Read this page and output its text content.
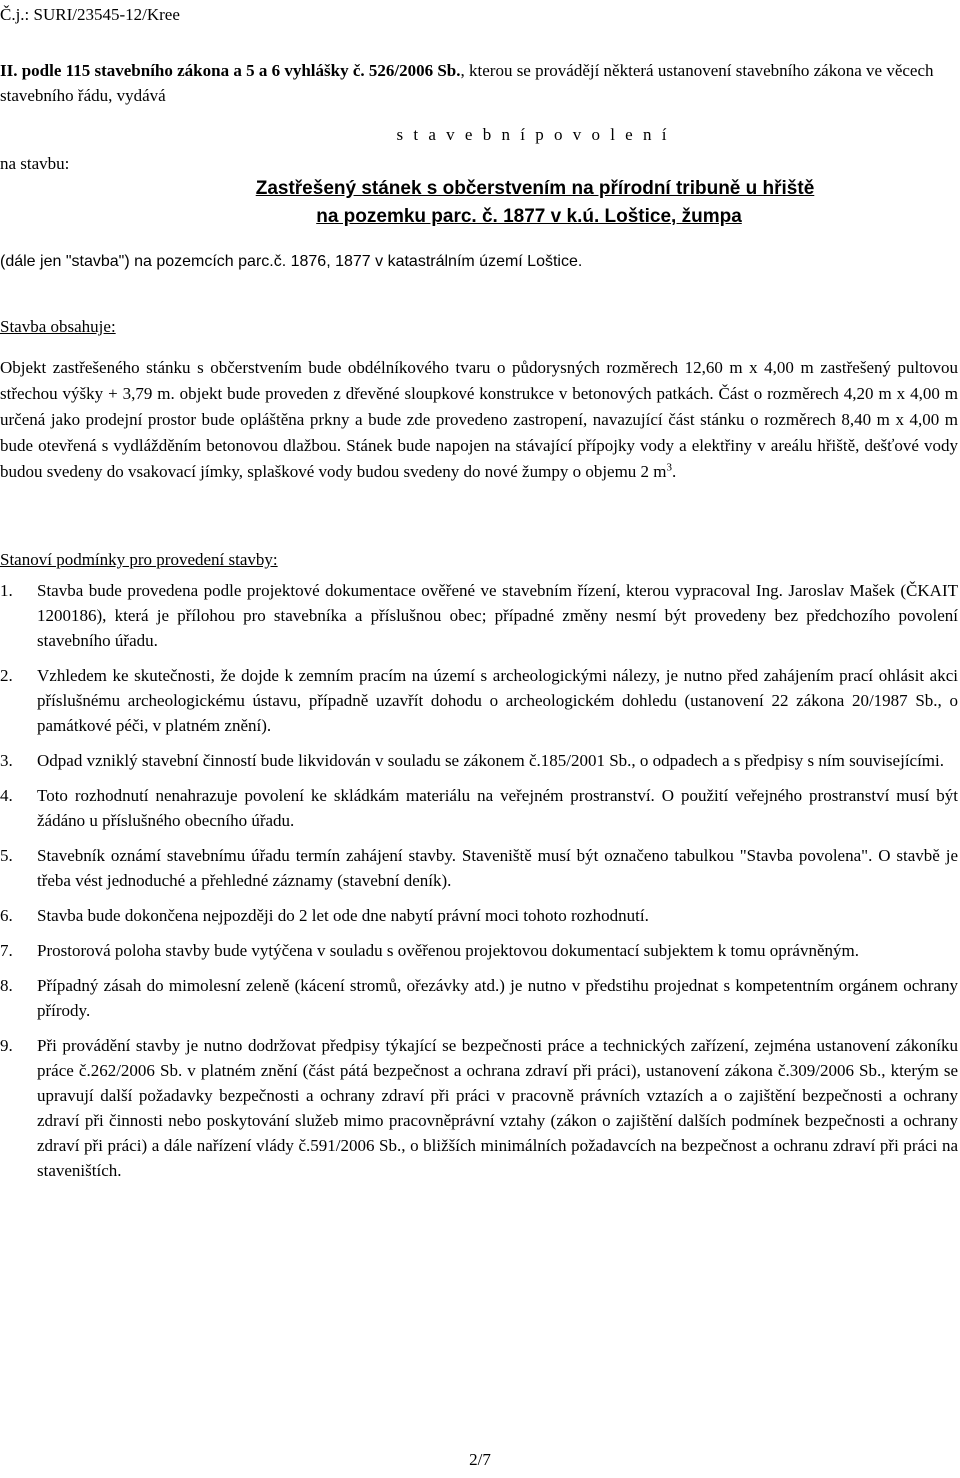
Č.j.: SURI/23545-12/Kree

II. podle 115 stavebního zákona a 5 a 6 vyhlášky č. 526/2006 Sb., kterou se provádějí některá ustanovení stavebního zákona ve věcech stavebního řádu, vydává

s t a v e b n í p o v o l e n í
na stavbu:
Zastřešený stánek s občerstvením na přírodní tribuně u hřiště
na pozemku parc. č. 1877 v k.ú. Loštice, žumpa
(dále jen "stavba") na pozemcích parc.č. 1876, 1877 v katastrálním území Loštice.
Stavba obsahuje:

Objekt zastřešeného stánku s občerstvením bude obdélníkového tvaru o půdorysných rozměrech 12,60 m x 4,00 m zastřešený pultovou střechou výšky + 3,79 m. objekt bude proveden z dřevěné sloupkové konstrukce v betonových patkách. Část o rozměrech 4,20 m x 4,00 m určená jako prodejní prostor bude opláštěna prkny a bude zde provedeno zastropení, navazující část stánku o rozměrech 8,40 m x 4,00 m bude otevřená s vydlážděním betonovou dlažbou. Stánek bude napojen na stávající přípojky vody a elektřiny v areálu hřiště, dešťové vody budou svedeny do vsakovací jímky, splaškové vody budou svedeny do nové žumpy o objemu 2 $m^3$.

Stanoví podmínky pro provedení stavby:
1. Stavba bude provedena podle projektové dokumentace ověřené ve stavebním řízení, kterou vypracoval Ing. Jaroslav Mašek (ČKAIT 1200186), která je přílohou pro stavebníka a příslušnou obec; případné změny nesmí být provedeny bez předchozího povolení stavebního úřadu.
2. Vzhledem ke skutečnosti, že dojde k zemním pracím na území s archeologickými nálezy, je nutno před zahájením prací ohlásit akci příslušnému archeologickému ústavu, případně uzavřít dohodu o archeologickém dohledu (ustanovení 22 zákona 20/1987 Sb., o památkové péči, v platném znění).
3. Odpad vzniklý stavební činností bude likvidován v souladu se zákonem č.185/2001 Sb., o odpadech a s předpisy s ním souvisejícími.
4. Toto rozhodnutí nenahrazuje povolení ke skládkám materiálu na veřejném prostranství. O použití veřejného prostranství musí být žádáno u příslušného obecního úřadu.
5. Stavebník oznámí stavebnímu úřadu termín zahájení stavby. Staveniště musí být označeno tabulkou "Stavba povolena". O stavbě je třeba vést jednoduché a přehledné záznamy (stavební deník).
6. Stavba bude dokončena nejpozději do 2 let ode dne nabytí právní moci tohoto rozhodnutí.
7. Prostorová poloha stavby bude vytýčena v souladu s ověřenou projektovou dokumentací subjektem k tomu oprávněným.
8. Případný zásah do mimolesní zeleně (kácení stromů, ořezávky atd.) je nutno v předstihu projednat s kompetentním orgánem ochrany přírody.
9. Při provádění stavby je nutno dodržovat předpisy týkající se bezpečnosti práce a technických zařízení, zejména ustanovení zákoníku práce č.262/2006 Sb. v platném znění (část pátá bezpečnost a ochrana zdraví při práci), ustanovení zákona č.309/2006 Sb., kterým se upravují další požadavky bezpečnosti a ochrany zdraví při práci v pracovně právních vztazích a o zajištění bezpečnosti a ochrany zdraví při činnosti nebo poskytování služeb mimo pracovněprávní vztahy (zákon o zajištění dalších podmínek bezpečnosti a ochrany zdraví při práci) a dále nařízení vlády č.591/2006 Sb., o bližších minimálních požadavcích na bezpečnost a ochranu zdraví při práci na staveništích.
2/7
